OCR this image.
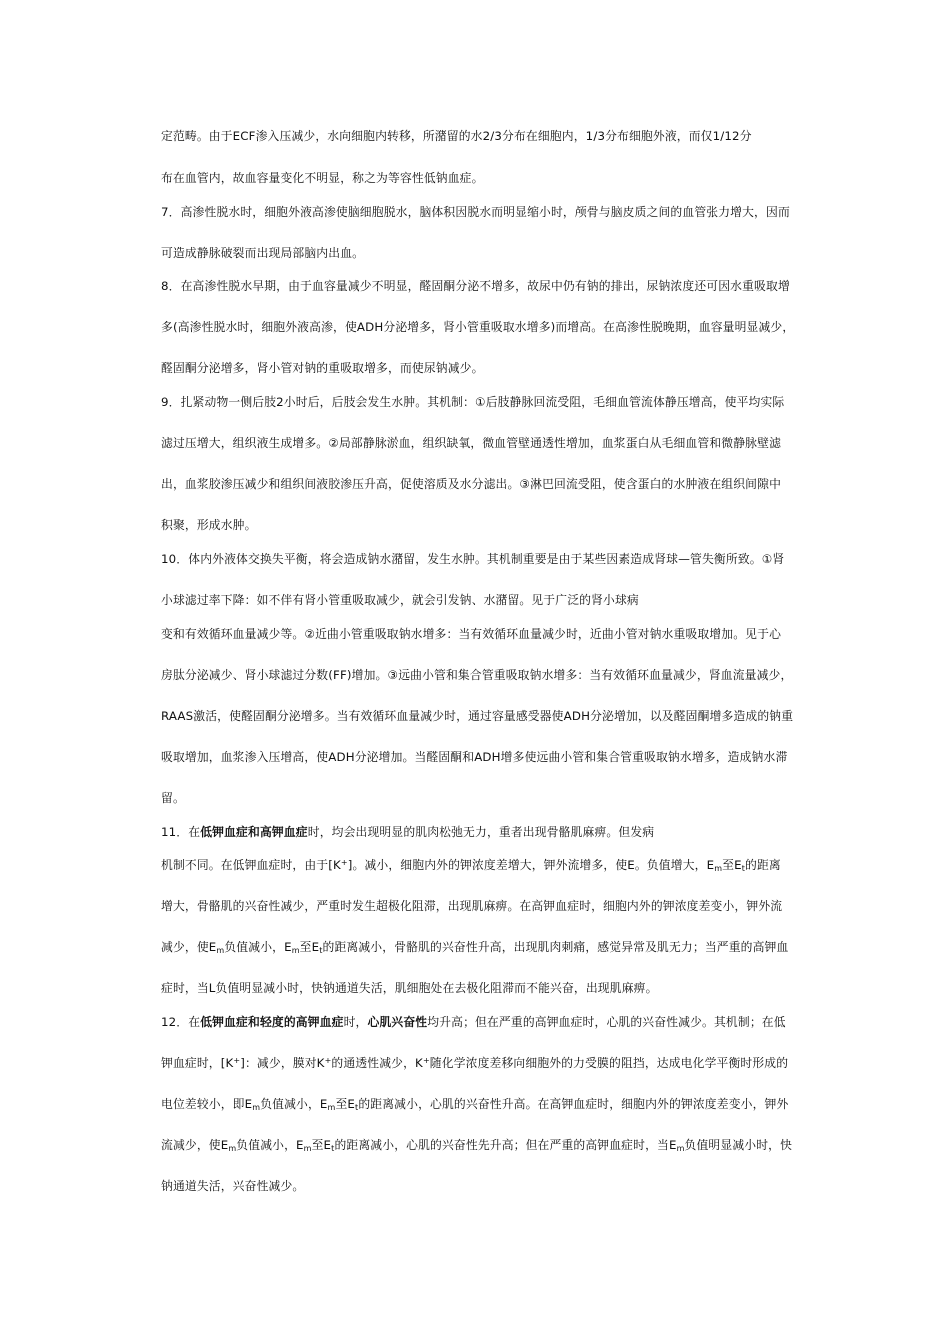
定范畴。由于ECF渗入压减少，水向细胞内转移，所潴留的水2/3分布在细胞内，1/3分布细胞外液，而仅1/12分

布在血管内，故血容量变化不明显，称之为等容性低钠血症。

7．高渗性脱水时，细胞外液高渗使脑细胞脱水，脑体积因脱水而明显缩小时，颅骨与脑皮质之间的血管张力增大，因而

可造成静脉破裂而出现局部脑内出血。

8．在高渗性脱水早期，由于血容量减少不明显，醛固酮分泌不增多，故尿中仍有钠的排出，尿钠浓度还可因水重吸取增

多(高渗性脱水时，细胞外液高渗，使ADH分泌增多，肾小管重吸取水增多)而增高。在高渗性脱晚期，血容量明显减少，

醛固酮分泌增多，肾小管对钠的重吸取增多，而使尿钠减少。

9．扎紧动物一侧后肢2小时后，后肢会发生水肿。其机制：①后肢静脉回流受阻，毛细血管流体静压增高，使平均实际

滤过压增大，组织液生成增多。②局部静脉淤血，组织缺氧，微血管壁通透性增加，血浆蛋白从毛细血管和微静脉壁滤

出，血浆胶渗压减少和组织间液胶渗压升高，促使溶质及水分滤出。③淋巴回流受阻，使含蛋白的水肿液在组织间隙中

积聚，形成水肿。

10．体内外液体交换失平衡，将会造成钠水潴留，发生水肿。其机制重要是由于某些因素造成肾球—管失衡所致。①肾

小球滤过率下降：如不伴有肾小管重吸取减少，就会引发钠、水潴留。见于广泛的肾小球病

变和有效循环血量减少等。②近曲小管重吸取钠水增多：当有效循环血量减少时，近曲小管对钠水重吸取增加。见于心

房肽分泌减少、肾小球滤过分数(FF)增加。③远曲小管和集合管重吸取钠水增多：当有效循环血量减少，肾血流量减少，

RAAS激活，使醛固酮分泌增多。当有效循环血量减少时，通过容量感受器使ADH分泌增加，以及醛固酮增多造成的钠重

吸取增加，血浆渗入压增高，使ADH分泌增加。当醛固酮和ADH增多使远曲小管和集合管重吸取钠水增多，造成钠水滞

留。

11．在低钾血症和高钾血症时，均会出现明显的肌肉松弛无力，重者出现骨骼肌麻痹。但发病

机制不同。在低钾血症时，由于[K+]。减小，细胞内外的钾浓度差增大，钾外流增多，使E。负值增大，$E_m$至$E_t$的距离

增大，骨骼肌的兴奋性减少，严重时发生超极化阻滞，出现肌麻痹。在高钾血症时，细胞内外的钾浓度差变小，钾外流

减少，使$E_m$负值减小，$E_m$至$E_t$的距离减小，骨骼肌的兴奋性升高，出现肌肉刺痛，感觉异常及肌无力；当严重的高钾血

症时，当L负值明显减小时，快钠通道失活，肌细胞处在去极化阻滞而不能兴奋，出现肌麻痹。

12．在低钾血症和轻度的高钾血症时，心肌兴奋性均升高；但在严重的高钾血症时，心肌的兴奋性减少。其机制；在低

钾血症时，[K+]：减少，膜对K+的通透性减少，K+随化学浓度差移向细胞外的力受膜的阻挡，达成电化学平衡时形成的

电位差较小，即$E_m$负值减小，$E_m$至$E_t$的距离减小，心肌的兴奋性升高。在高钾血症时，细胞内外的钾浓度差变小，钾外

流减少，使$E_m$负值减小，$E_m$至$E_t$的距离减小，心肌的兴奋性先升高；但在严重的高钾血症时，当$E_m$负值明显减小时，快

钠通道失活，兴奋性减少。
